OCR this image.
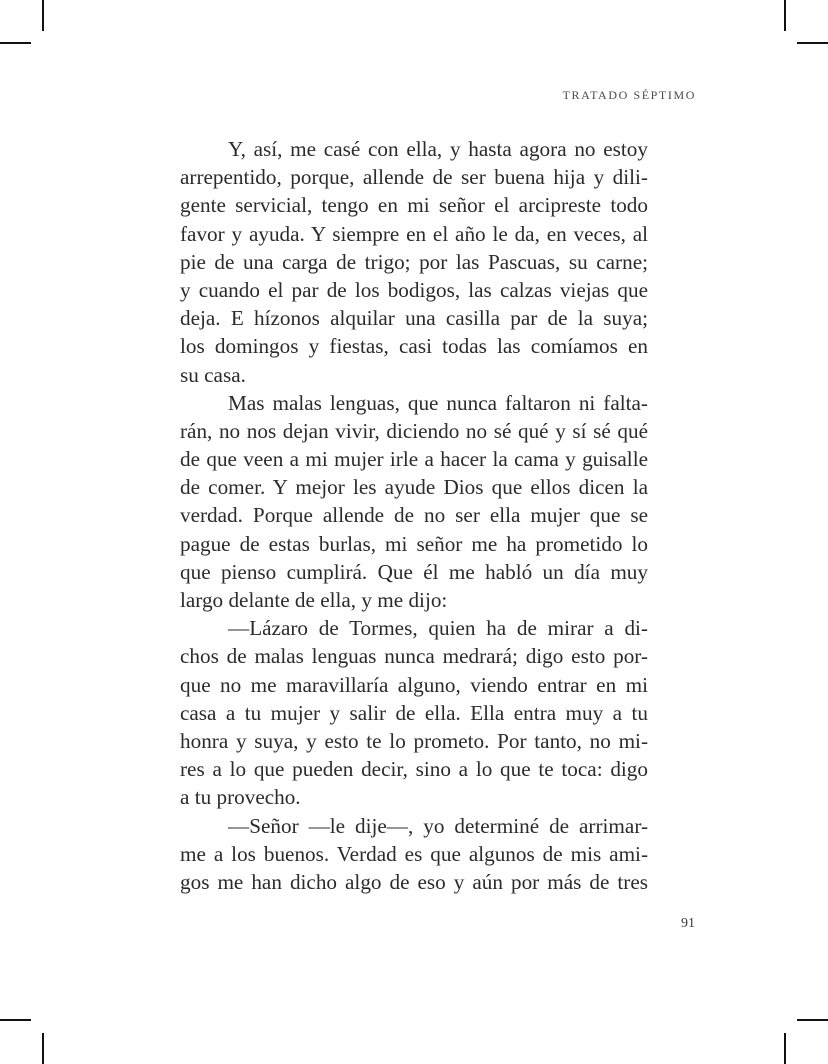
TRATADO SÉPTIMO
Y, así, me casé con ella, y hasta agora no estoy
arrepentido, porque, allende de ser buena hija y dili-
gente servicial, tengo en mi señor el arcipreste todo
favor y ayuda. Y siempre en el año le da, en veces, al
pie de una carga de trigo; por las Pascuas, su carne;
y cuando el par de los bodigos, las calzas viejas que
deja. E hízonos alquilar una casilla par de la suya;
los domingos y fiestas, casi todas las comíamos en
su casa.
Mas malas lenguas, que nunca faltaron ni falta-
rán, no nos dejan vivir, diciendo no sé qué y sí sé qué
de que veen a mi mujer irle a hacer la cama y guisalle
de comer. Y mejor les ayude Dios que ellos dicen la
verdad. Porque allende de no ser ella mujer que se
pague de estas burlas, mi señor me ha prometido lo
que pienso cumplirá. Que él me habló un día muy
largo delante de ella, y me dijo:
—Lázaro de Tormes, quien ha de mirar a di-
chos de malas lenguas nunca medrará; digo esto por-
que no me maravillaría alguno, viendo entrar en mi
casa a tu mujer y salir de ella. Ella entra muy a tu
honra y suya, y esto te lo prometo. Por tanto, no mi-
res a lo que pueden decir, sino a lo que te toca: digo
a tu provecho.
—Señor —le dije—, yo determiné de arrimar-
me a los buenos. Verdad es que algunos de mis ami-
gos me han dicho algo de eso y aún por más de tres
91
